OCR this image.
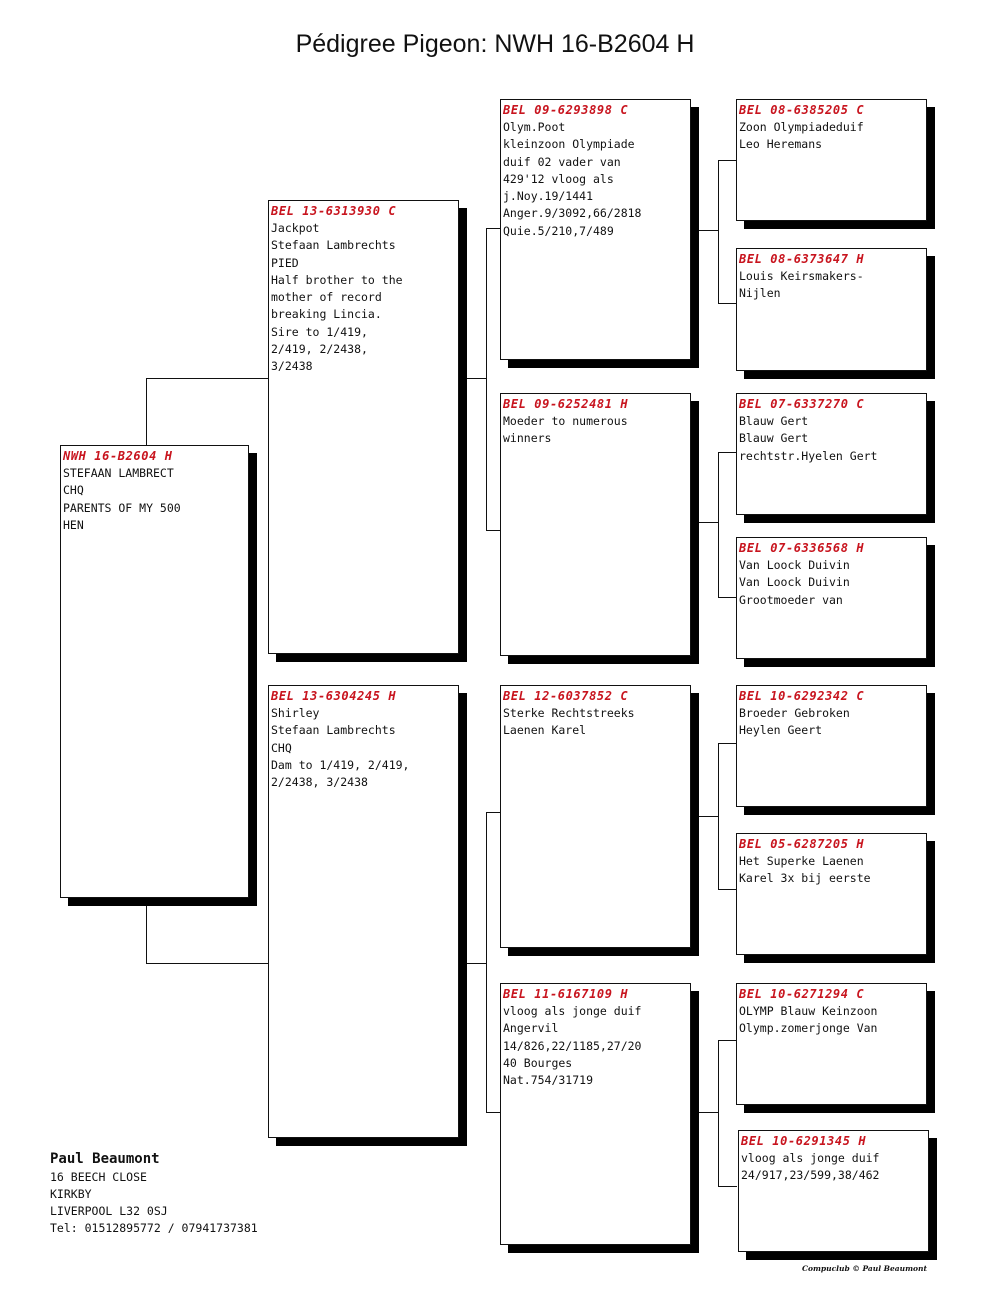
Pédigree Pigeon: NWH 16-B2604 H
NWH 16-B2604 H
STEFAAN LAMBRECT
CHQ
PARENTS OF MY 500
HEN
BEL 13-6313930 C
Jackpot
Stefaan Lambrechts
PIED
Half brother to the
mother of record
breaking Lincia.
Sire to 1/419,
2/419, 2/2438,
3/2438
BEL 13-6304245 H
Shirley
Stefaan Lambrechts
CHQ
Dam to 1/419, 2/419,
2/2438, 3/2438
BEL 09-6293898 C
Olym.Poot
kleinzoon Olympiade
duif 02 vader van
429'12 vloog als
j.Noy.19/1441
Anger.9/3092,66/2818
Quie.5/210,7/489
BEL 09-6252481 H
Moeder to numerous
winners
BEL 12-6037852 C
Sterke Rechtstreeks
Laenen Karel
BEL 11-6167109 H
vloog als jonge duif
Angervil
14/826,22/1185,27/20
40 Bourges
Nat.754/31719
BEL 08-6385205 C
Zoon Olympiadeduif
Leo Heremans
BEL 08-6373647 H
Louis Keirsmakers-
Nijlen
BEL 07-6337270 C
Blauw Gert
Blauw Gert
rechtstr.Hyelen Gert
BEL 07-6336568 H
Van Loock Duivin
Van Loock Duivin
Grootmoeder van
BEL 10-6292342 C
Broeder Gebroken
Heylen Geert
BEL 05-6287205 H
Het Superke Laenen
Karel 3x bij eerste
BEL 10-6271294 C
OLYMP Blauw Keinzoon
Olymp.zomerjonge Van
BEL 10-6291345 H
vloog als jonge duif
24/917,23/599,38/462
Paul Beaumont
16 BEECH CLOSE
KIRKBY
LIVERPOOL L32 0SJ
Tel: 01512895772 / 07941737381
Compuclub © Paul Beaumont
